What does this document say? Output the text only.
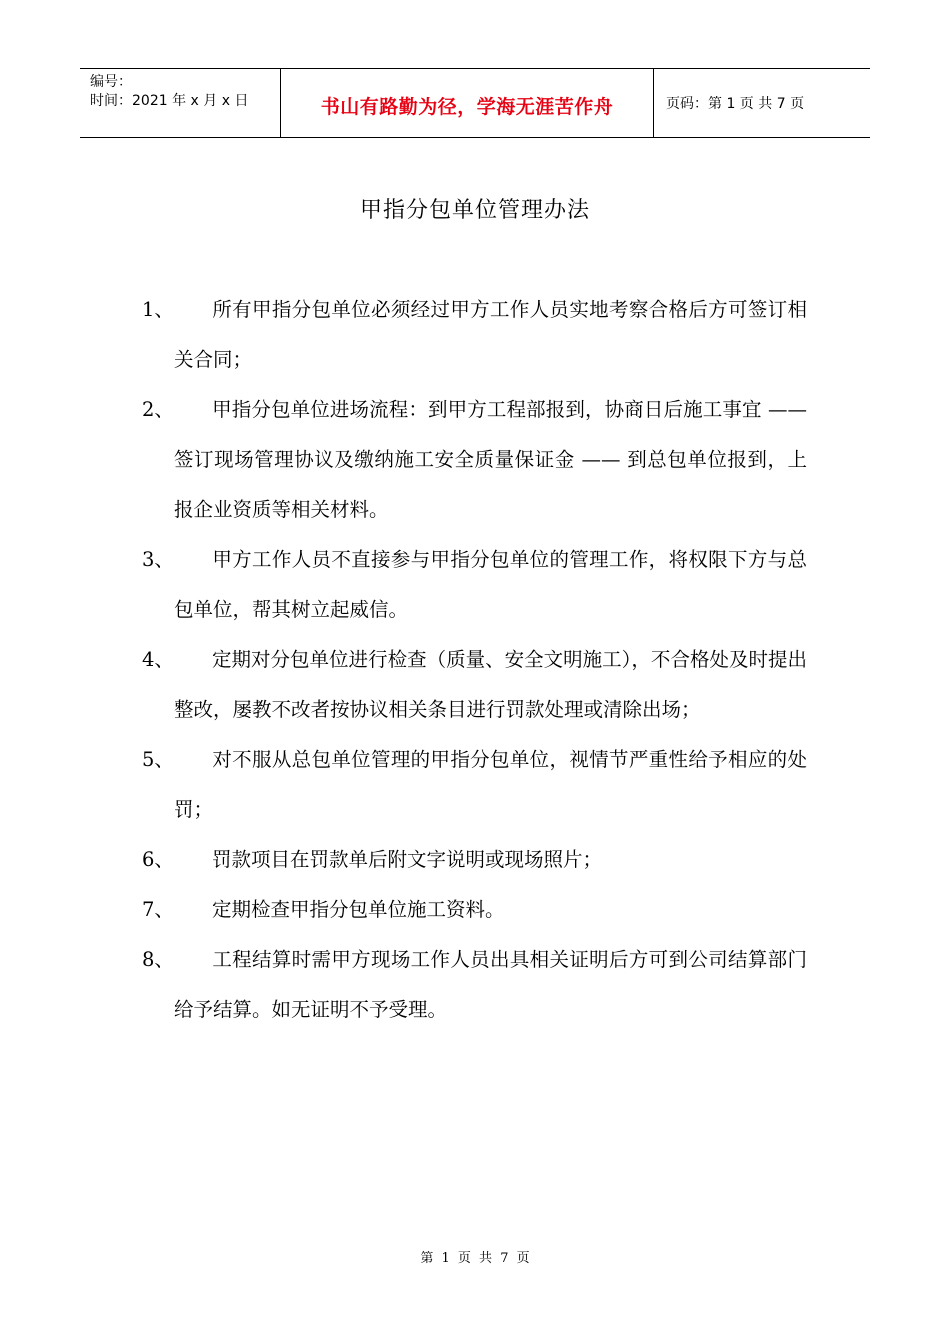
编号：
时间：2021 年 x 月 x 日	书山有路勤为径，学海无涯苦作舟	页码：第 1 页 共 7 页
甲指分包单位管理办法
1、 所有甲指分包单位必须经过甲方工作人员实地考察合格后方可签订相关合同；
2、 甲指分包单位进场流程：到甲方工程部报到，协商日后施工事宜 —— 签订现场管理协议及缴纳施工安全质量保证金 —— 到总包单位报到，上报企业资质等相关材料。
3、 甲方工作人员不直接参与甲指分包单位的管理工作，将权限下方与总包单位，帮其树立起威信。
4、 定期对分包单位进行检查（质量、安全文明施工），不合格处及时提出整改，屡教不改者按协议相关条目进行罚款处理或清除出场；
5、 对不服从总包单位管理的甲指分包单位，视情节严重性给予相应的处罚；
6、 罚款项目在罚款单后附文字说明或现场照片；
7、 定期检查甲指分包单位施工资料。
8、 工程结算时需甲方现场工作人员出具相关证明后方可到公司结算部门给予结算。如无证明不予受理。
第 1 页 共 7 页
